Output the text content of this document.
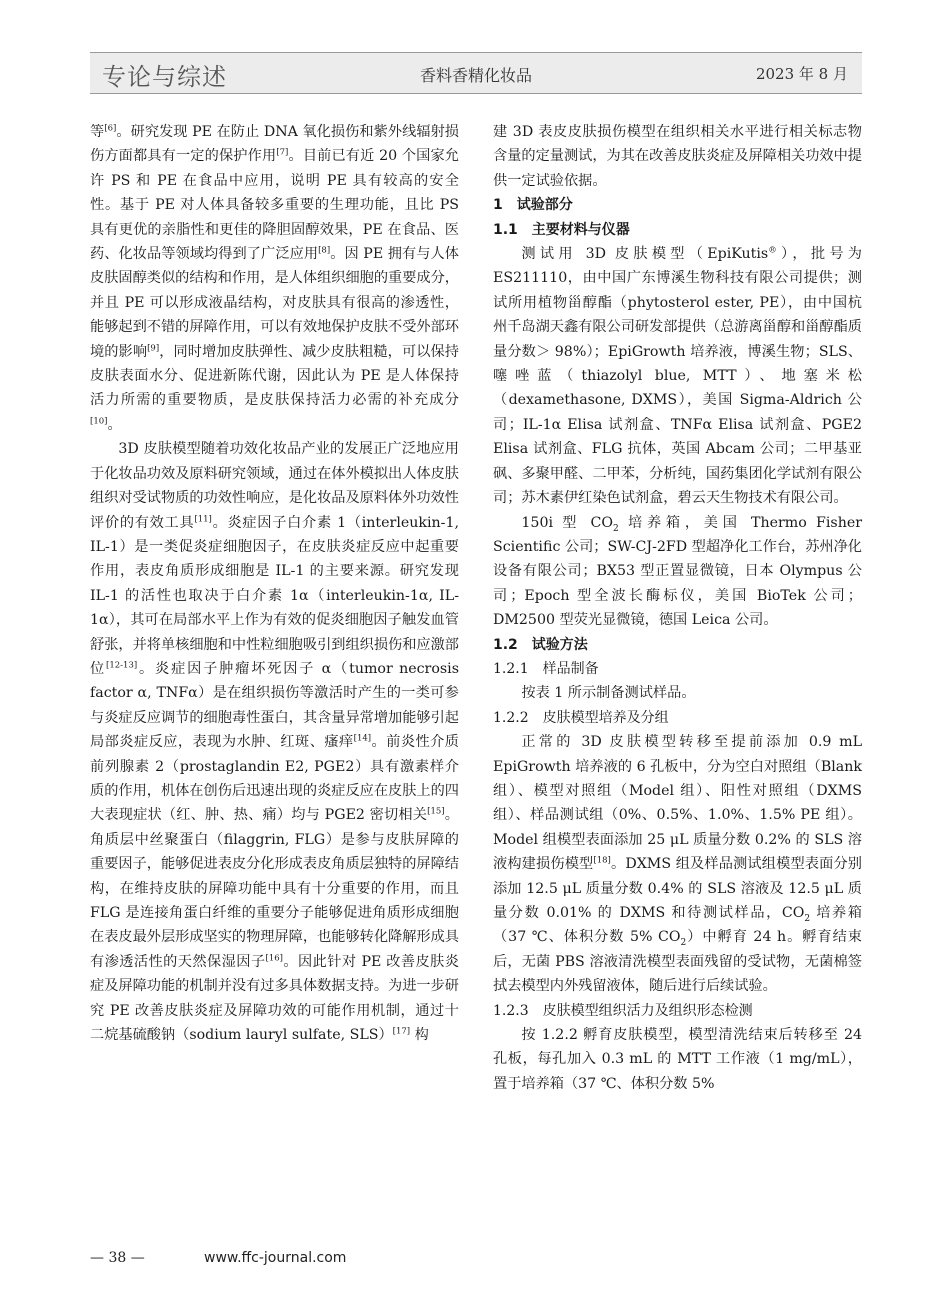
专论与综述	香料香精化妆品	2023 年 8 月

等[6]。研究发现 PE 在防止 DNA 氧化损伤和紫外线辐射损伤方面都具有一定的保护作用[7]。目前已有近 20 个国家允许 PS 和 PE 在食品中应用，说明 PE 具有较高的安全性。基于 PE 对人体具备较多重要的生理功能，且比 PS 具有更优的亲脂性和更佳的降胆固醇效果，PE 在食品、医药、化妆品等领域均得到了广泛应用[8]。因 PE 拥有与人体皮肤固醇类似的结构和作用，是人体组织细胞的重要成分，并且 PE 可以形成液晶结构，对皮肤具有很高的渗透性，能够起到不错的屏障作用，可以有效地保护皮肤不受外部环境的影响[9]，同时增加皮肤弹性、减少皮肤粗糙，可以保持皮肤表面水分、促进新陈代谢，因此认为 PE 是人体保持活力所需的重要物质，是皮肤保持活力必需的补充成分[10]。

3D 皮肤模型随着功效化妆品产业的发展正广泛地应用于化妆品功效及原料研究领域，通过在体外模拟出人体皮肤组织对受试物质的功效性响应，是化妆品及原料体外功效性评价的有效工具[11]。炎症因子白介素 1（interleukin-1, IL-1）是一类促炎症细胞因子，在皮肤炎症反应中起重要作用，表皮角质形成细胞是 IL-1 的主要来源。研究发现 IL-1 的活性也取决于白介素 1α（interleukin-1α, IL-1α），其可在局部水平上作为有效的促炎细胞因子触发血管舒张，并将单核细胞和中性粒细胞吸引到组织损伤和应激部位[12-13]。炎症因子肿瘤坏死因子 α（tumor necrosis factor α, TNFα）是在组织损伤等激活时产生的一类可参与炎症反应调节的细胞毒性蛋白，其含量异常增加能够引起局部炎症反应，表现为水肿、红斑、瘙痒[14]。前炎性介质前列腺素 2（prostaglandin E2, PGE2）具有激素样介质的作用，机体在创伤后迅速出现的炎症反应在皮肤上的四大表现症状（红、肿、热、痛）均与 PGE2 密切相关[15]。角质层中丝聚蛋白（filaggrin, FLG）是参与皮肤屏障的重要因子，能够促进表皮分化形成表皮角质层独特的屏障结构，在维持皮肤的屏障功能中具有十分重要的作用，而且 FLG 是连接角蛋白纤维的重要分子能够促进角质形成细胞在表皮最外层形成坚实的物理屏障，也能够转化降解形成具有渗透活性的天然保湿因子[16]。因此针对 PE 改善皮肤炎症及屏障功能的机制并没有过多具体数据支持。为进一步研究 PE 改善皮肤炎症及屏障功效的可能作用机制，通过十二烷基硫酸钠（sodium lauryl sulfate, SLS）[17] 构

建 3D 表皮皮肤损伤模型在组织相关水平进行相关标志物含量的定量测试，为其在改善皮肤炎症及屏障相关功效中提供一定试验依据。

1　试验部分

1.1　主要材料与仪器

测试用 3D 皮肤模型（EpiKutis®），批号为 ES211110，由中国广东博溪生物科技有限公司提供；测试所用植物甾醇酯（phytosterol ester, PE），由中国杭州千岛湖天鑫有限公司研发部提供（总游离甾醇和甾醇酯质量分数＞ 98%）；EpiGrowth 培养液，博溪生物；SLS、噻唑蓝（thiazolyl blue, MTT）、地塞米松（dexamethasone, DXMS），美国 Sigma-Aldrich 公司；IL-1α Elisa 试剂盒、TNFα Elisa 试剂盒、PGE2 Elisa 试剂盒、FLG 抗体，英国 Abcam 公司；二甲基亚砜、多聚甲醛、二甲苯，分析纯，国药集团化学试剂有限公司；苏木素伊红染色试剂盒，碧云天生物技术有限公司。

150i 型 $CO_2$ 培养箱，美国 Thermo Fisher Scientific 公司；SW-CJ-2FD 型超净化工作台，苏州净化设备有限公司；BX53 型正置显微镜，日本 Olympus 公司；Epoch 型全波长酶标仪，美国 BioTek 公司；DM2500 型荧光显微镜，德国 Leica 公司。

1.2　试验方法

1.2.1　样品制备

按表 1 所示制备测试样品。

1.2.2　皮肤模型培养及分组

正常的 3D 皮肤模型转移至提前添加 0.9 mL EpiGrowth 培养液的 6 孔板中，分为空白对照组（Blank 组）、模型对照组（Model 组）、阳性对照组（DXMS 组）、样品测试组（0%、0.5%、1.0%、1.5% PE 组）。Model 组模型表面添加 25 μL 质量分数 0.2% 的 SLS 溶液构建损伤模型[18]。DXMS 组及样品测试组模型表面分别添加 12.5 μL 质量分数 0.4% 的 SLS 溶液及 12.5 μL 质量分数 0.01% 的 DXMS 和待测试样品，$CO_2$ 培养箱（37 ℃、体积分数 5% $CO_2$）中孵育 24 h。孵育结束后，无菌 PBS 溶液清洗模型表面残留的受试物，无菌棉签拭去模型内外残留液体，随后进行后续试验。

1.2.3　皮肤模型组织活力及组织形态检测

按 1.2.2 孵育皮肤模型，模型清洗结束后转移至 24 孔板，每孔加入 0.3 mL 的 MTT 工作液（1 mg/mL），置于培养箱（37 ℃、体积分数 5%

— 38 —	www.ffc-journal.com
